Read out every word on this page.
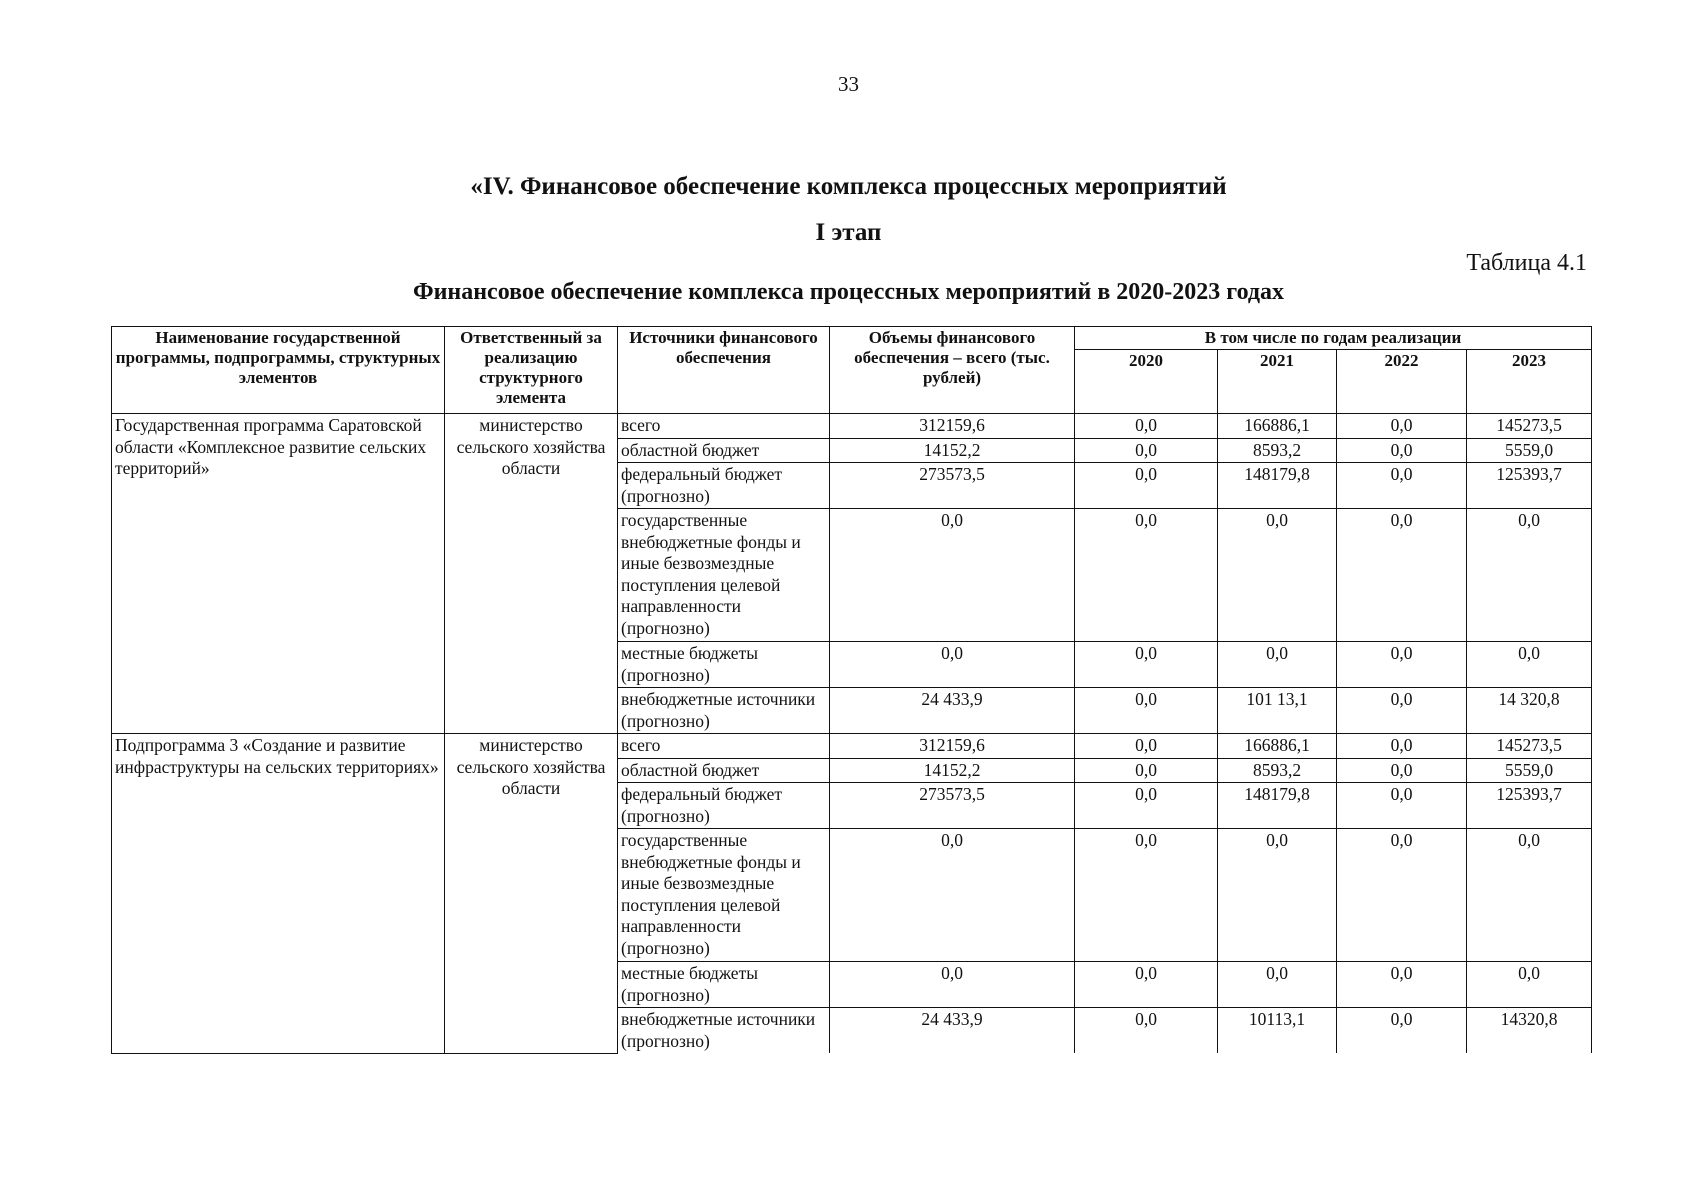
33
«IV. Финансовое обеспечение комплекса процессных мероприятий
I этап
Таблица 4.1
Финансовое обеспечение комплекса процессных мероприятий в 2020-2023 годах
Наименование государственной программы, подпрограммы, структурных элементов	Ответственный за реализацию структурного элемента	Источники финансового обеспечения	Объемы финансового обеспечения – всего (тыс. рублей)	В том числе по годам реализации			
				2020	2021	2022	2023
Государственная программа Саратовской области «Комплексное развитие сельских территорий»	министерство сельского хозяйства области	всего	312159,6	0,0	166886,1	0,0	145273,5
		областной бюджет	14152,2	0,0	8593,2	0,0	5559,0
		федеральный бюджет (прогнозно)	273573,5	0,0	148179,8	0,0	125393,7
		государственные внебюджетные фонды и иные безвозмездные поступления целевой направленности (прогнозно)	0,0	0,0	0,0	0,0	0,0
		местные бюджеты (прогнозно)	0,0	0,0	0,0	0,0	0,0
		внебюджетные источники (прогнозно)	24 433,9	0,0	101 13,1	0,0	14 320,8
Подпрограмма 3 «Создание и развитие инфраструктуры на сельских территориях»	министерство сельского хозяйства области	всего	312159,6	0,0	166886,1	0,0	145273,5
		областной бюджет	14152,2	0,0	8593,2	0,0	5559,0
		федеральный бюджет (прогнозно)	273573,5	0,0	148179,8	0,0	125393,7
		государственные внебюджетные фонды и иные безвозмездные поступления целевой направленности (прогнозно)	0,0	0,0	0,0	0,0	0,0
		местные бюджеты (прогнозно)	0,0	0,0	0,0	0,0	0,0
		внебюджетные источники (прогнозно)	24 433,9	0,0	10113,1	0,0	14320,8
